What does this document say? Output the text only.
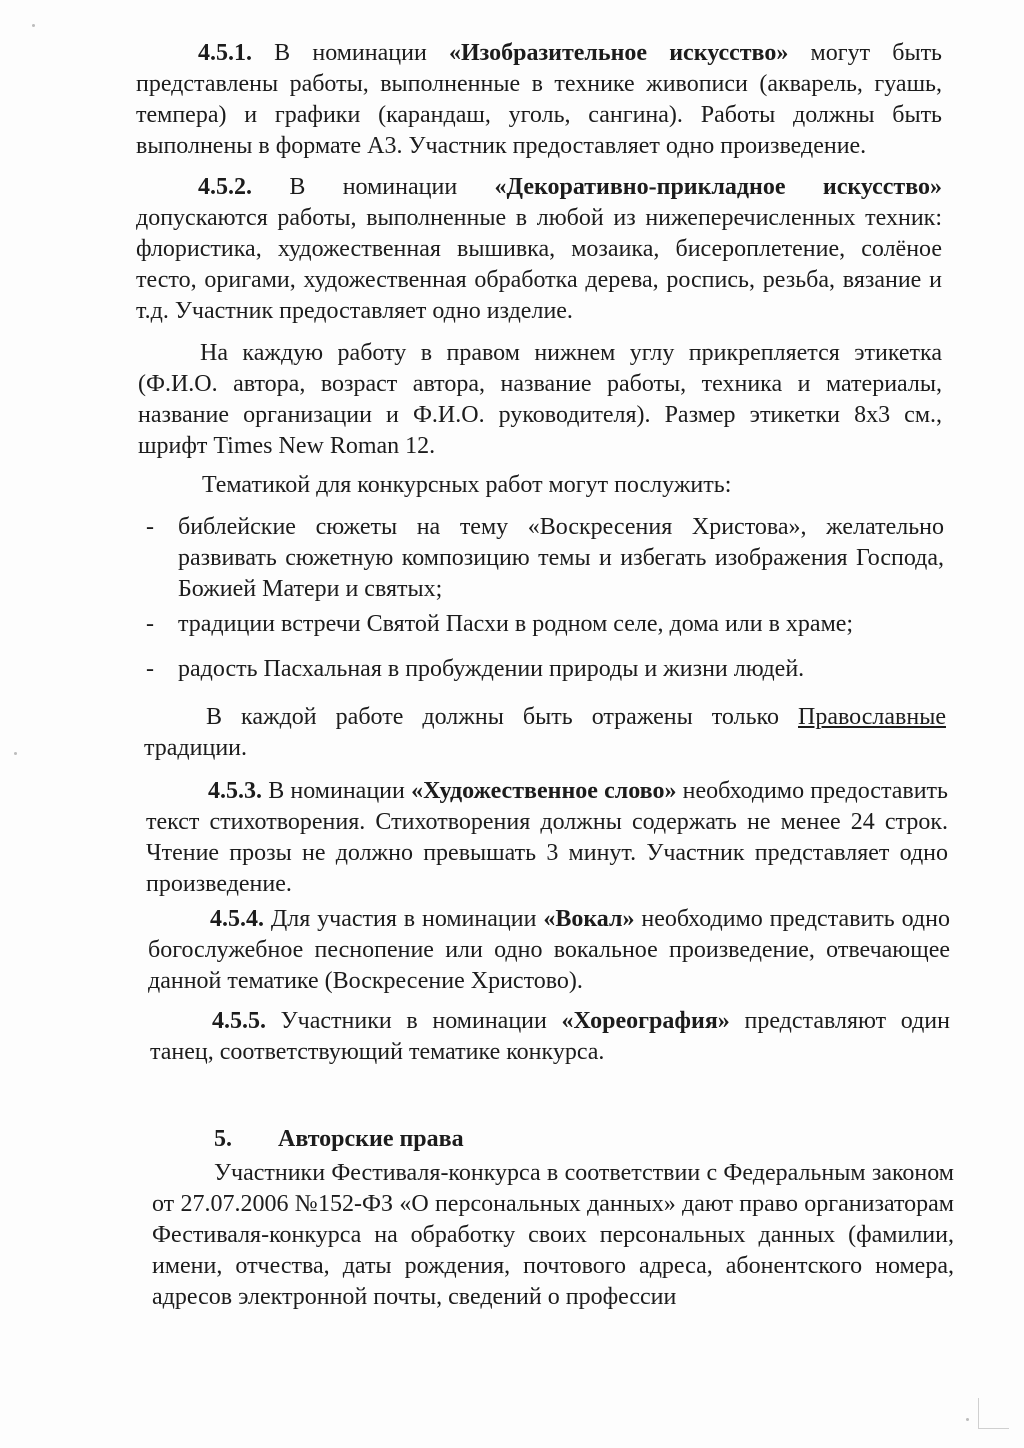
4.5.1. В номинации «Изобразительное искусство» могут быть представлены работы, выполненные в технике живописи (акварель, гуашь, темпера) и графики (карандаш, уголь, сангина). Работы должны быть выполнены в формате А3. Участник предоставляет одно произведение.
4.5.2. В номинации «Декоративно-прикладное искусство» допускаются работы, выполненные в любой из нижеперечисленных техник: флористика, художественная вышивка, мозаика, бисероплетение, солёное тесто, оригами, художественная обработка дерева, роспись, резьба, вязание и т.д. Участник предоставляет одно изделие.
На каждую работу в правом нижнем углу прикрепляется этикетка (Ф.И.О. автора, возраст автора, название работы, техника и материалы, название организации и Ф.И.О. руководителя). Размер этикетки 8х3 см., шрифт Times New Roman 12.
Тематикой для конкурсных работ могут послужить:
- библейские сюжеты на тему «Воскресения Христова», желательно развивать сюжетную композицию темы и избегать изображения Господа, Божией Матери и святых;
- традиции встречи Святой Пасхи в родном селе, дома или в храме;
- радость Пасхальная в пробуждении природы и жизни людей.
В каждой работе должны быть отражены только Православные традиции.
4.5.3. В номинации «Художественное слово» необходимо предоставить текст стихотворения. Стихотворения должны содержать не менее 24 строк. Чтение прозы не должно превышать 3 минут. Участник представляет одно произведение.
4.5.4. Для участия в номинации «Вокал» необходимо представить одно богослужебное песнопение или одно вокальное произведение, отвечающее данной тематике (Воскресение Христово).
4.5.5. Участники в номинации «Хореография» представляют один танец, соответствующий тематике конкурса.
5. Авторские права
Участники Фестиваля-конкурса в соответствии с Федеральным законом от 27.07.2006 №152-ФЗ «О персональных данных» дают право организаторам Фестиваля-конкурса на обработку своих персональных данных (фамилии, имени, отчества, даты рождения, почтового адреса, абонентского номера, адресов электронной почты, сведений о профессии
